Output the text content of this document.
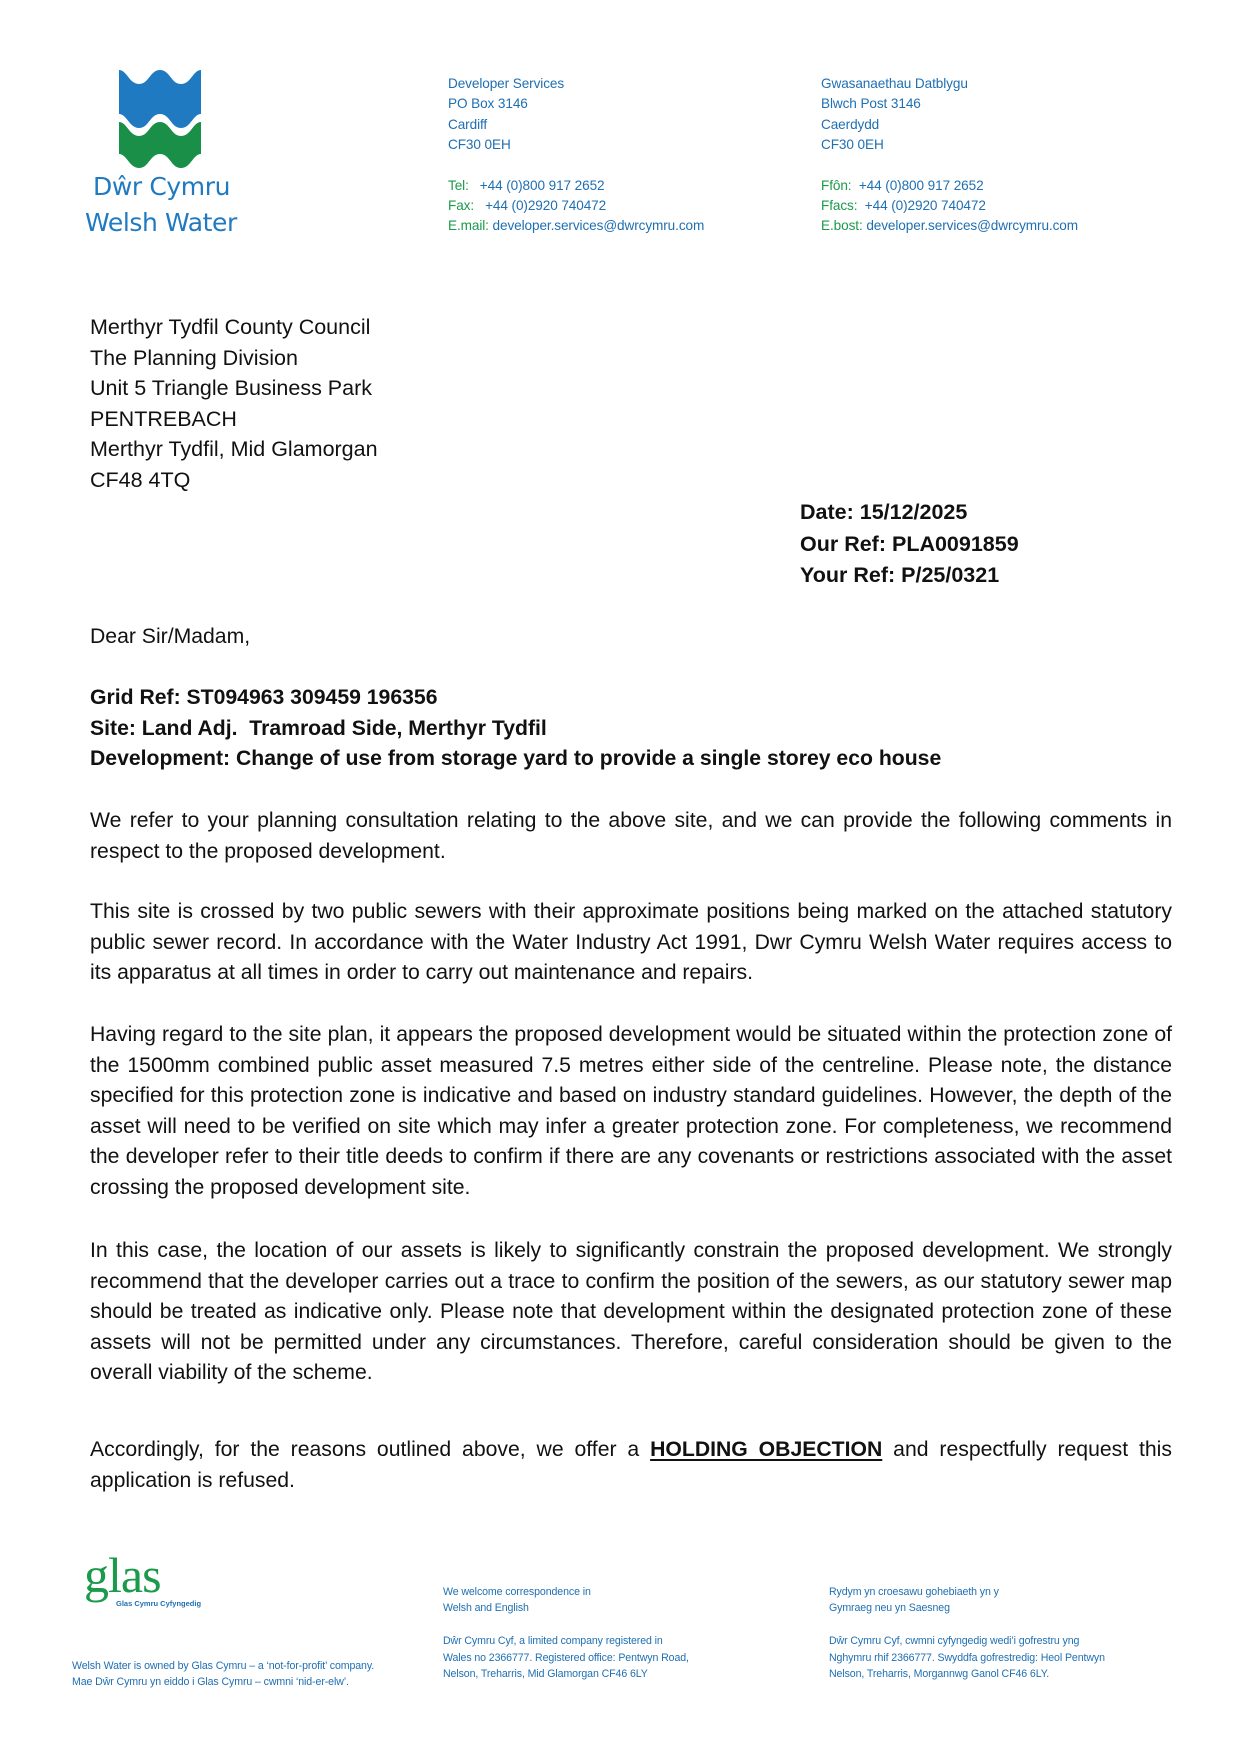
Dŵr Cymru
Welsh Water
Developer Services
PO Box 3146
Cardiff
CF30 0EH
Tel: +44 (0)800 917 2652
Fax: +44 (0)2920 740472
E.mail: developer.services@dwrcymru.com
Gwasanaethau Datblygu
Blwch Post 3146
Caerdydd
CF30 0EH
Ffôn: +44 (0)800 917 2652
Ffacs: +44 (0)2920 740472
E.bost: developer.services@dwrcymru.com
Merthyr Tydfil County Council
The Planning Division
Unit 5 Triangle Business Park
PENTREBACH
Merthyr Tydfil, Mid Glamorgan
CF48 4TQ
Date: 15/12/2025
Our Ref: PLA0091859
Your Ref: P/25/0321
Dear Sir/Madam,
Grid Ref: ST094963 309459 196356
Site: Land Adj.  Tramroad Side, Merthyr Tydfil
Development: Change of use from storage yard to provide a single storey eco house
We refer to your planning consultation relating to the above site, and we can provide the following comments in respect to the proposed development.
This site is crossed by two public sewers with their approximate positions being marked on the attached statutory public sewer record. In accordance with the Water Industry Act 1991, Dwr Cymru Welsh Water requires access to its apparatus at all times in order to carry out maintenance and repairs.
Having regard to the site plan, it appears the proposed development would be situated within the protection zone of the 1500mm combined public asset measured 7.5 metres either side of the centreline. Please note, the distance specified for this protection zone is indicative and based on industry standard guidelines. However, the depth of the asset will need to be verified on site which may infer a greater protection zone. For completeness, we recommend the developer refer to their title deeds to confirm if there are any covenants or restrictions associated with the asset crossing the proposed development site.
In this case, the location of our assets is likely to significantly constrain the proposed development. We strongly recommend that the developer carries out a trace to confirm the position of the sewers, as our statutory sewer map should be treated as indicative only. Please note that development within the designated protection zone of these assets will not be permitted under any circumstances. Therefore, careful consideration should be given to the overall viability of the scheme.
Accordingly, for the reasons outlined above, we offer a HOLDING OBJECTION and respectfully request this application is refused.
glas
Glas Cymru Cyfyngedig
Welsh Water is owned by Glas Cymru – a ‘not-for-profit’ company.
Mae Dŵr Cymru yn eiddo i Glas Cymru – cwmni ‘nid-er-elw’.
We welcome correspondence in
Welsh and English
Dŵr Cymru Cyf, a limited company registered in
Wales no 2366777. Registered office: Pentwyn Road,
Nelson, Treharris, Mid Glamorgan CF46 6LY
Rydym yn croesawu gohebiaeth yn y
Gymraeg neu yn Saesneg
Dŵr Cymru Cyf, cwmni cyfyngedig wedi’i gofrestru yng
Nghymru rhif 2366777. Swyddfa gofrestredig: Heol Pentwyn
Nelson, Treharris, Morgannwg Ganol CF46 6LY.
